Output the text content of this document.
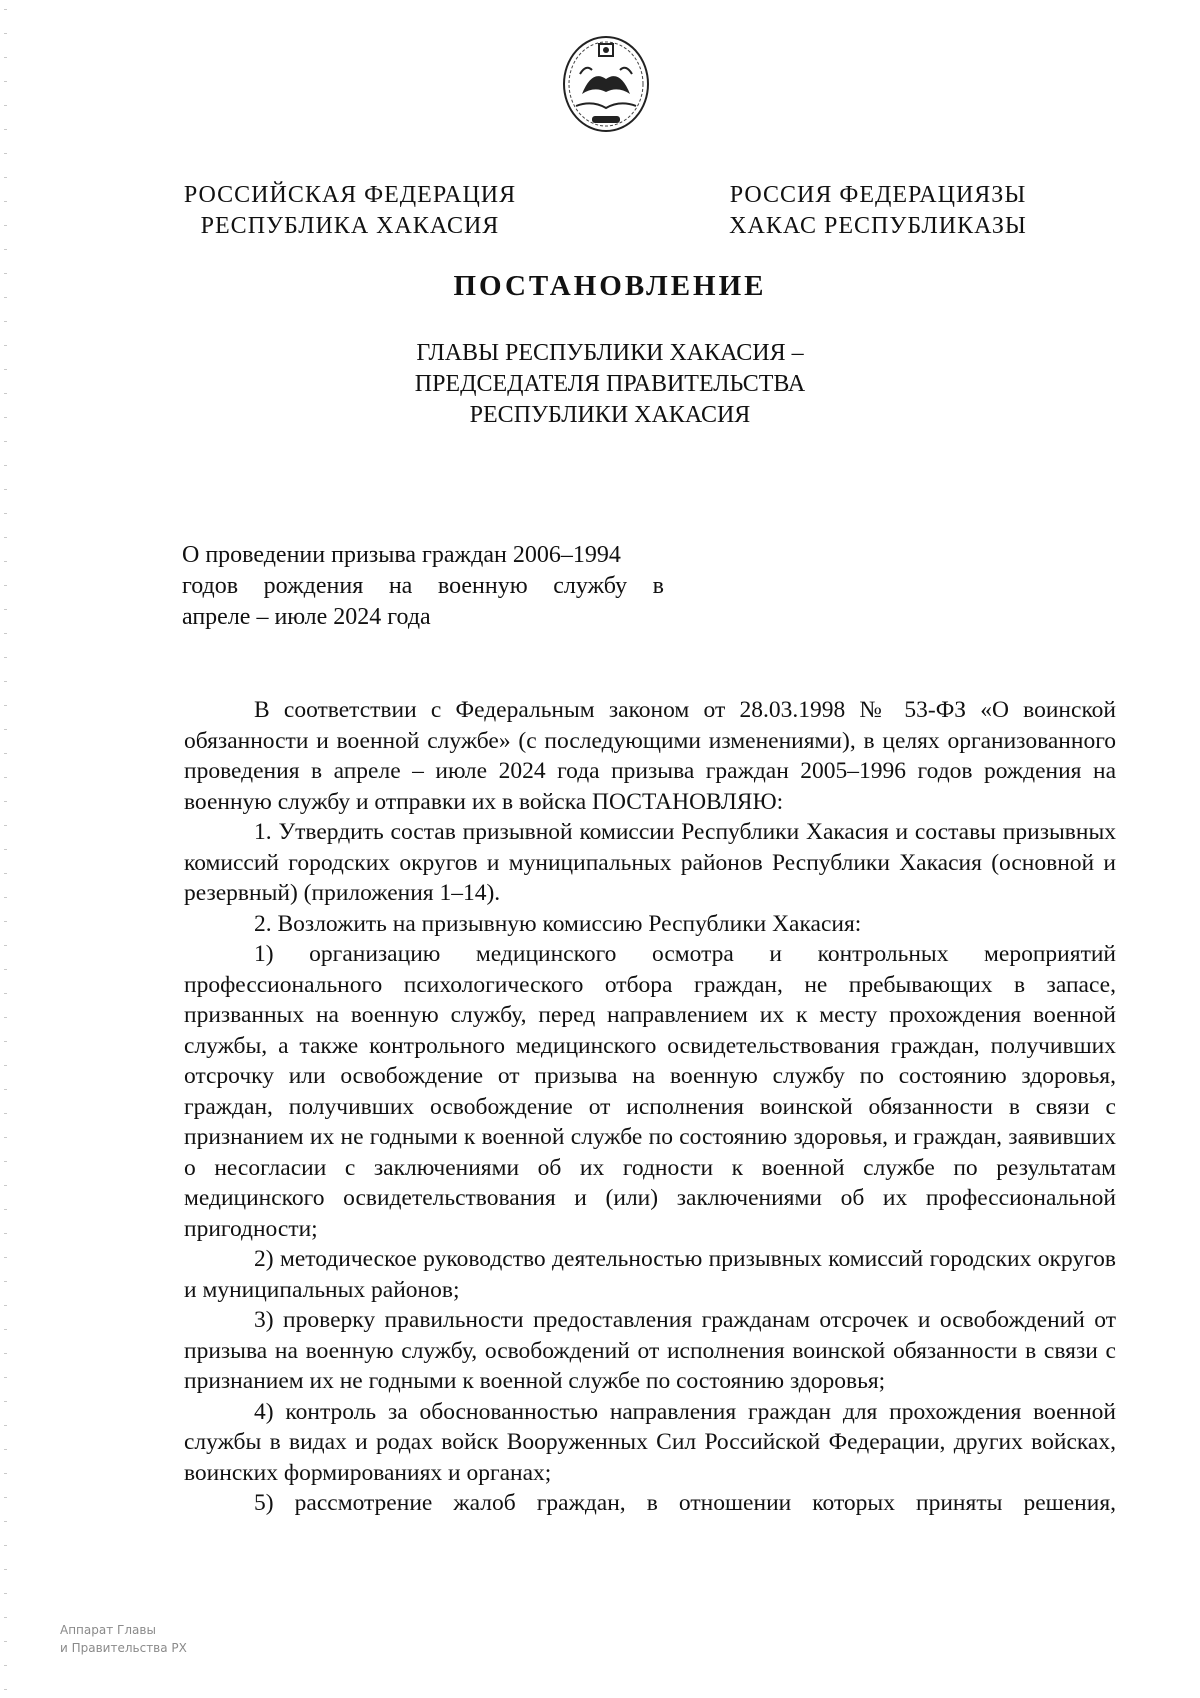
РОССИЙСКАЯ ФЕДЕРАЦИЯ
РЕСПУБЛИКА ХАКАСИЯ
РОССИЯ ФЕДЕРАЦИЯЗЫ
ХАКАС РЕСПУБЛИКАЗЫ
ПОСТАНОВЛЕНИЕ
ГЛАВЫ РЕСПУБЛИКИ ХАКАСИЯ –
ПРЕДСЕДАТЕЛЯ ПРАВИТЕЛЬСТВА
РЕСПУБЛИКИ ХАКАСИЯ
О проведении призыва граждан 2006–1994
годов рождения на военную службу в
апреле – июле 2024 года

В соответствии с Федеральным законом от 28.03.1998 № 53-ФЗ «О воинской обязанности и военной службе» (с последующими изменениями), в целях организованного проведения в апреле – июле 2024 года призыва граждан 2005–1996 годов рождения на военную службу и отправки их в войска ПОСТАНОВЛЯЮ:

1. Утвердить состав призывной комиссии Республики Хакасия и составы призывных комиссий городских округов и муниципальных районов Республики Хакасия (основной и резервный) (приложения 1–14).

2. Возложить на призывную комиссию Республики Хакасия:

1) организацию медицинского осмотра и контрольных мероприятий профессионального психологического отбора граждан, не пребывающих в запасе, призванных на военную службу, перед направлением их к месту прохождения военной службы, а также контрольного медицинского освидетельствования граждан, получивших отсрочку или освобождение от призыва на военную службу по состоянию здоровья, граждан, получивших освобождение от исполнения воинской обязанности в связи с признанием их не годными к военной службе по состоянию здоровья, и граждан, заявивших о несогласии с заключениями об их годности к военной службе по результатам медицинского освидетельствования и (или) заключениями об их профессиональной пригодности;

2) методическое руководство деятельностью призывных комиссий городских округов и муниципальных районов;

3) проверку правильности предоставления гражданам отсрочек и освобождений от призыва на военную службу, освобождений от исполнения воинской обязанности в связи с признанием их не годными к военной службе по состоянию здоровья;

4) контроль за обоснованностью направления граждан для прохождения военной службы в видах и родах войск Вооруженных Сил Российской Федерации, других войсках, воинских формированиях и органах;

5) рассмотрение жалоб граждан, в отношении которых приняты решения,

Аппарат Главы
и Правительства РХ
